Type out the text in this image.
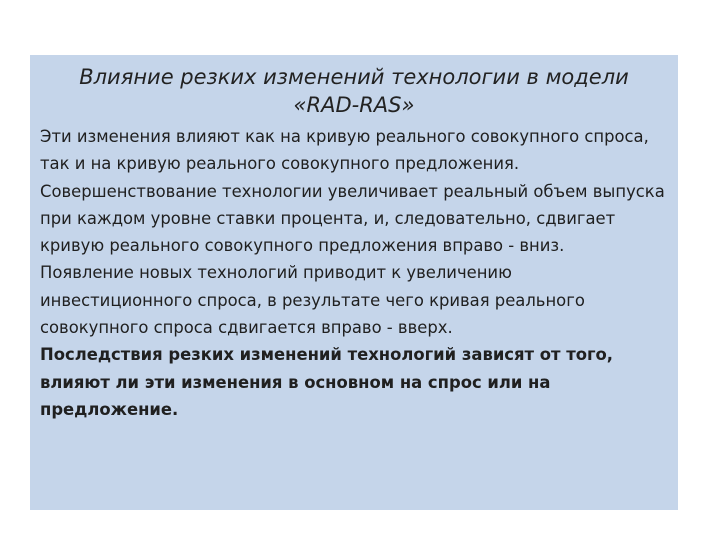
Влияние резких изменений технологии в модели
«RAD-RAS»

Эти изменения влияют как на кривую реального совокупного спроса, так и на кривую реального совокупного предложения.

Совершенствование технологии увеличивает реальный объем выпуска при каждом уровне ставки процента, и, следовательно, сдвигает кривую реального совокупного предложения вправо - вниз.

Появление новых технологий приводит к увеличению инвестиционного спроса, в результате чего кривая реального совокупного спроса сдвигается вправо - вверх.

Последствия резких изменений технологий зависят от того, влияют ли эти изменения в основном на спрос или на предложение.
